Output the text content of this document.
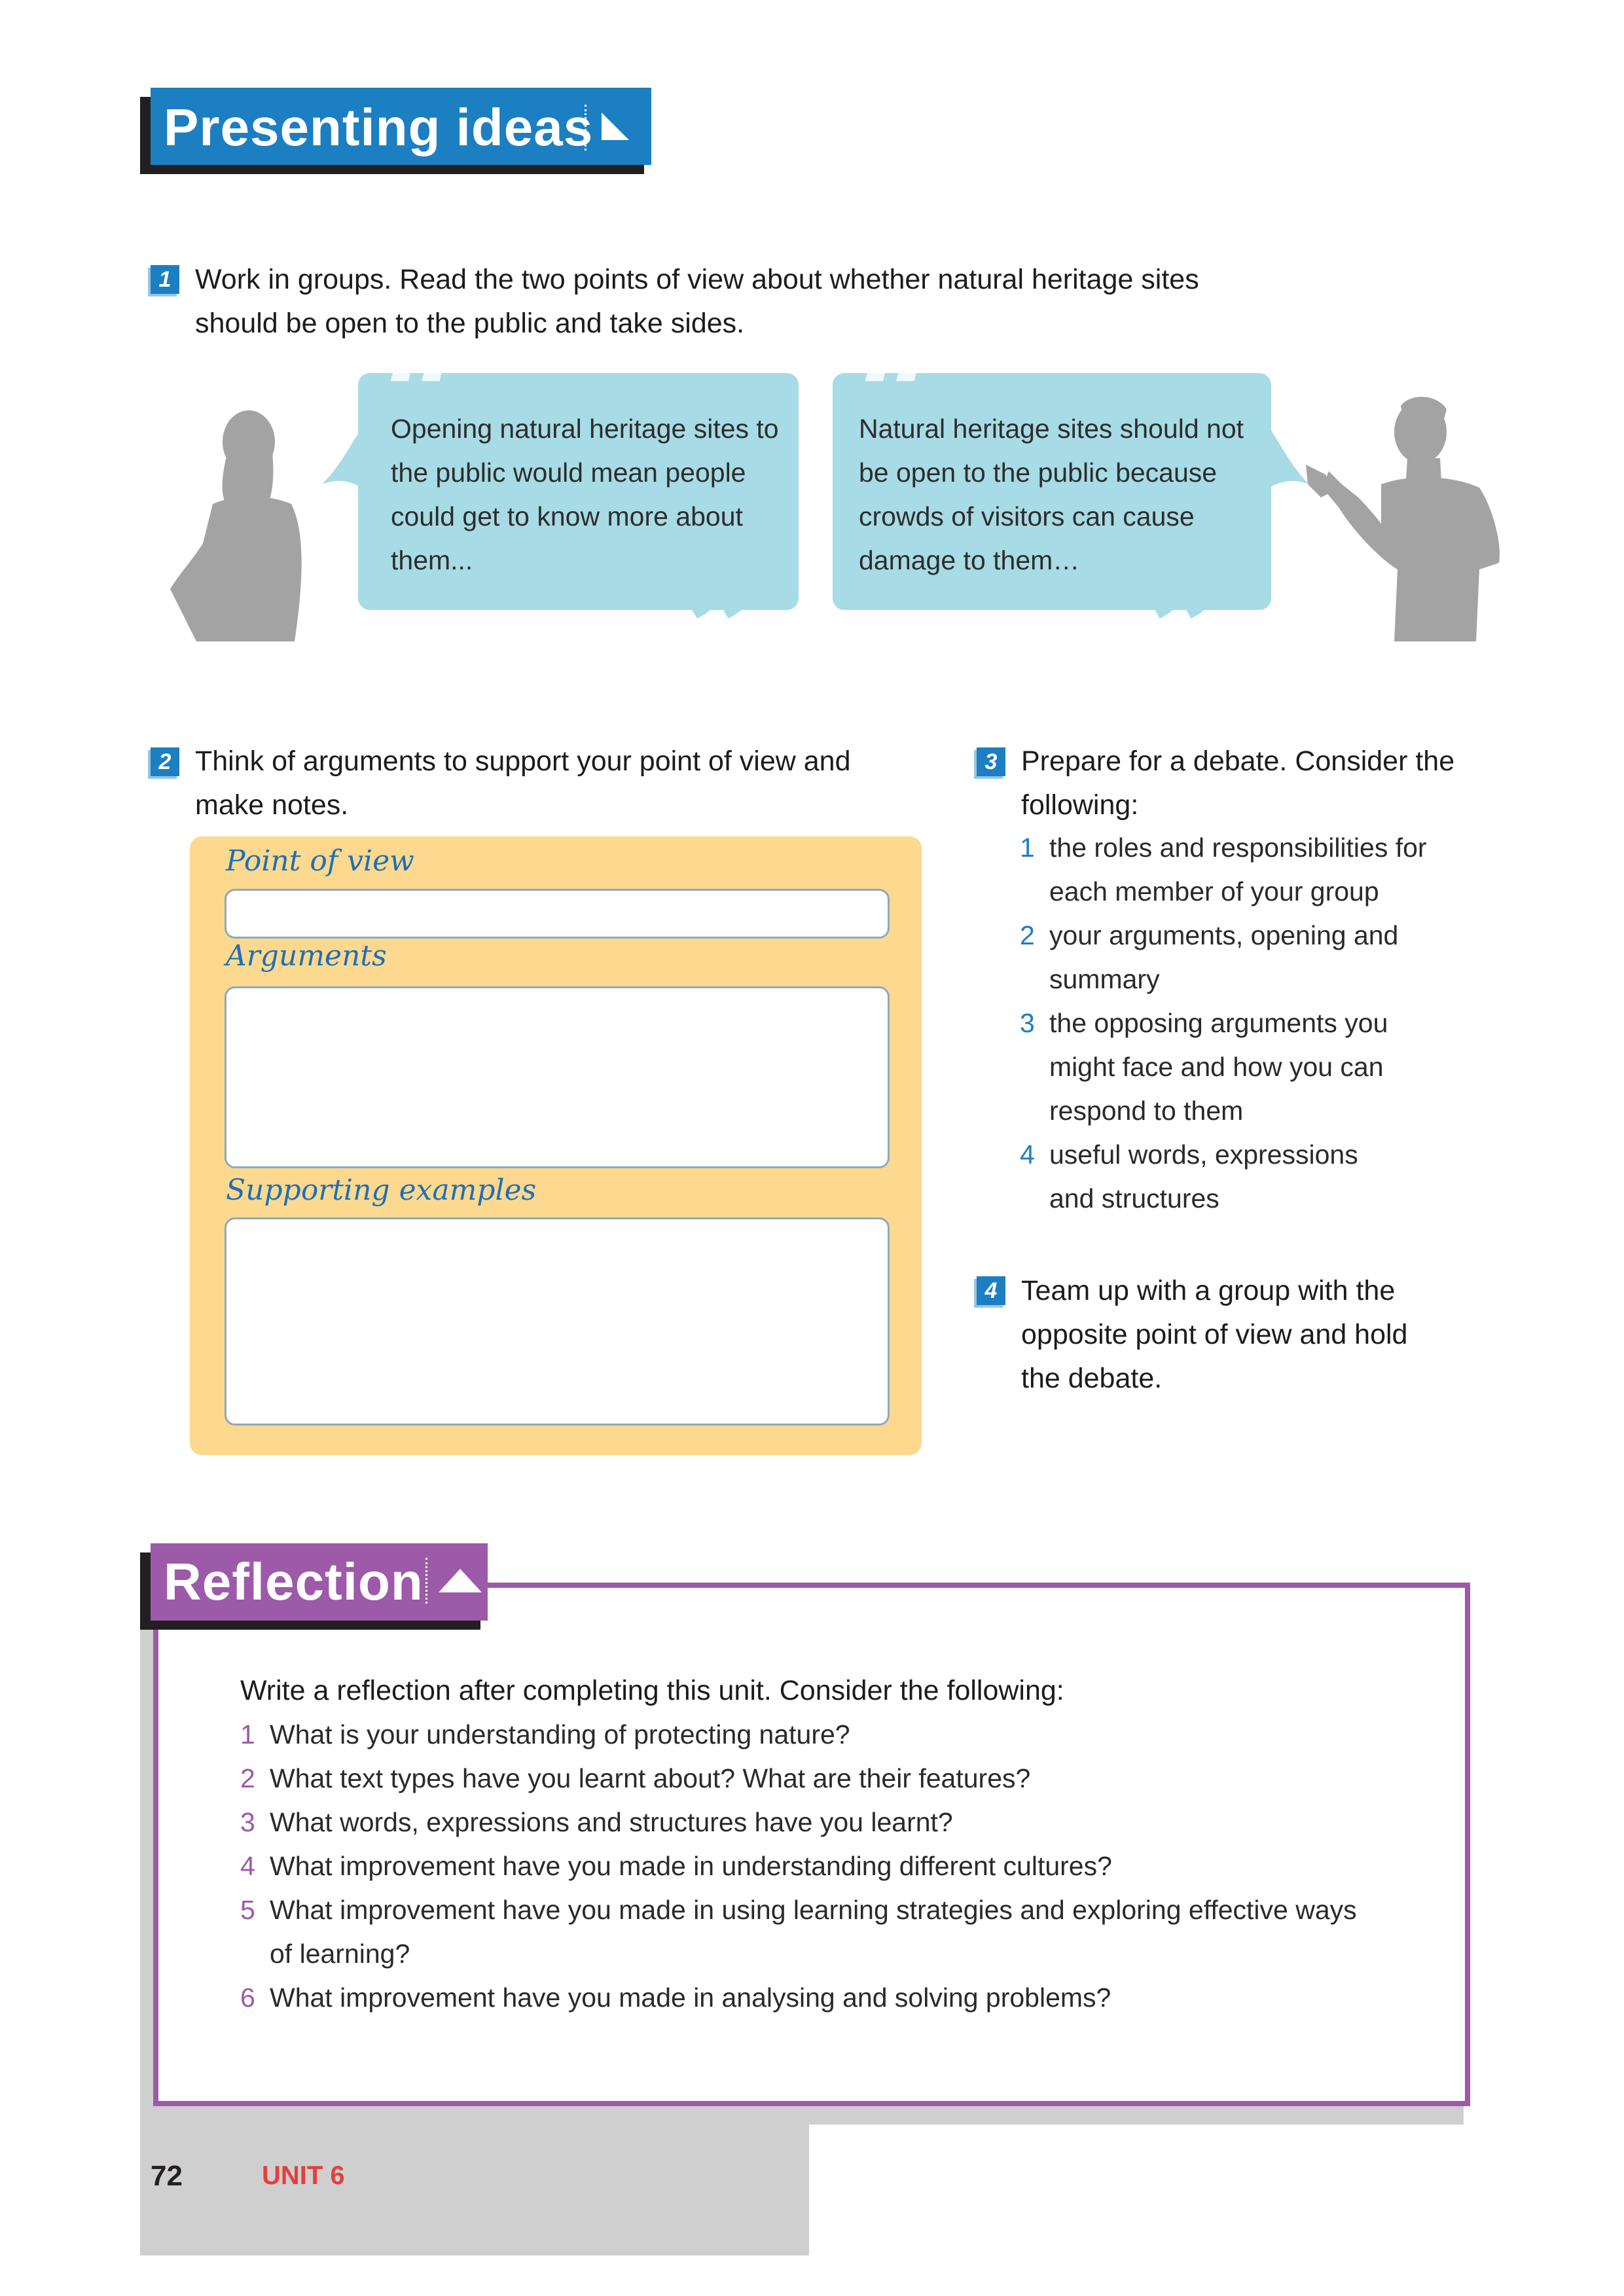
Presenting ideas
1 Work in groups. Read the two points of view about whether natural heritage sites
should be open to the public and take sides.
“
”
Opening natural heritage sites to
the public would mean people
could get to know more about
them...
“
”
Natural heritage sites should not
be open to the public because
crowds of visitors can cause
damage to them…
2 Think of arguments to support your point of view and
make notes.
Point of view
Arguments
Supporting examples
3 Prepare for a debate. Consider the
following:
1 the roles and responsibilities for
each member of your group
2 your arguments, opening and
summary
3 the opposing arguments you
might face and how you can
respond to them
4 useful words, expressions
and structures
4 Team up with a group with the
opposite point of view and hold
the debate.
Reflection
Write a reflection after completing this unit. Consider the following:
1 What is your understanding of protecting nature?
2 What text types have you learnt about? What are their features?
3 What words, expressions and structures have you learnt?
4 What improvement have you made in understanding different cultures?
5 What improvement have you made in using learning strategies and exploring effective ways
of learning?
6 What improvement have you made in analysing and solving problems?
72	UNIT 6
